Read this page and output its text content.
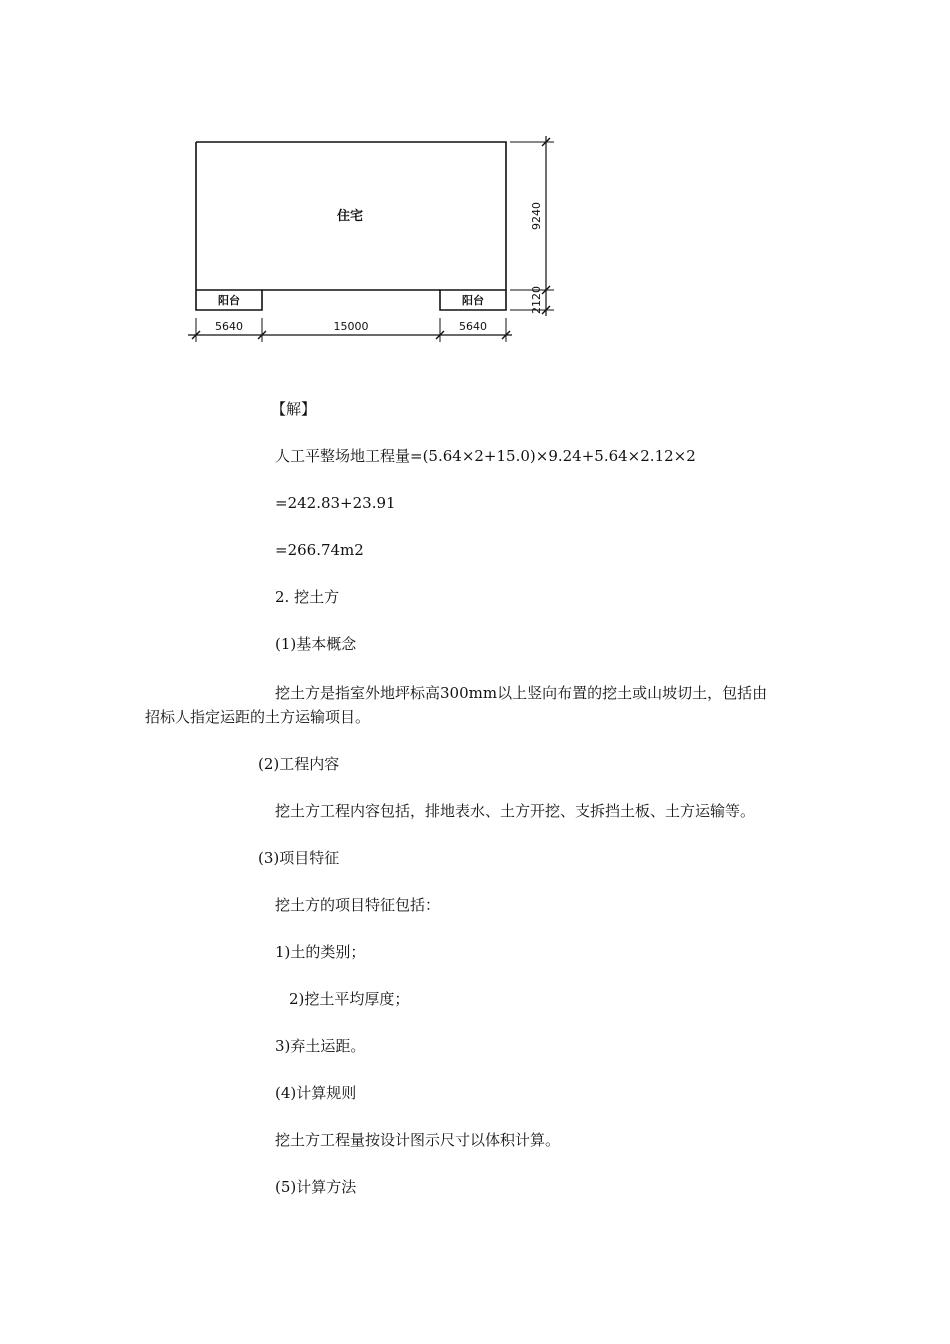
住宅
阳台	阳台
5640	15000	5640
9240
2120
【解】
人工平整场地工程量=(5.64×2+15.0)×9.24+5.64×2.12×2
=242.83+23.91
=266.74m2
2. 挖土方
(1)基本概念
挖土方是指室外地坪标高300mm以上竖向布置的挖土或山坡切土，包括由
招标人指定运距的土方运输项目。
(2)工程内容
挖土方工程内容包括，排地表水、土方开挖、支拆挡土板、土方运输等。
(3)项目特征
挖土方的项目特征包括：
1)土的类别；
2)挖土平均厚度；
3)弃土运距。
(4)计算规则
挖土方工程量按设计图示尺寸以体积计算。
(5)计算方法
